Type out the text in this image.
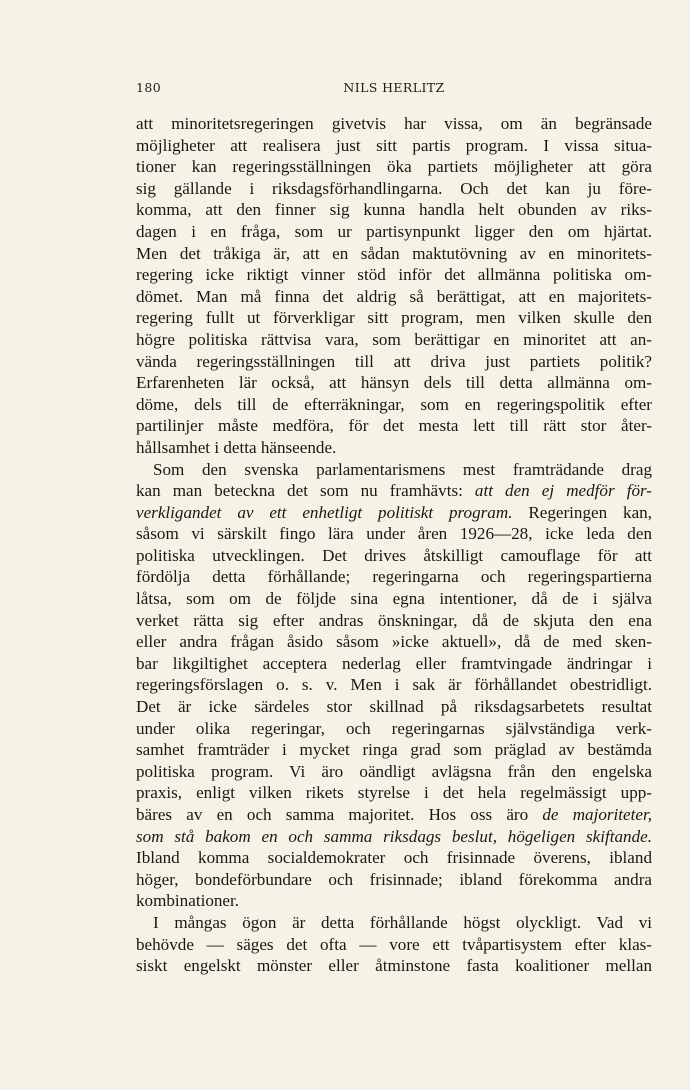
180	NILS HERLITZ
att minoritetsregeringen givetvis har vissa, om än begränsade
möjligheter att realisera just sitt partis program. I vissa situa-
tioner kan regeringsställningen öka partiets möjligheter att göra
sig gällande i riksdagsförhandlingarna. Och det kan ju före-
komma, att den finner sig kunna handla helt obunden av riks-
dagen i en fråga, som ur partisynpunkt ligger den om hjärtat.
Men det tråkiga är, att en sådan maktutövning av en minoritets-
regering icke riktigt vinner stöd inför det allmänna politiska om-
dömet. Man må finna det aldrig så berättigat, att en majoritets-
regering fullt ut förverkligar sitt program, men vilken skulle den
högre politiska rättvisa vara, som berättigar en minoritet att an-
vända regeringsställningen till att driva just partiets politik?
Erfarenheten lär också, att hänsyn dels till detta allmänna om-
döme, dels till de efterräkningar, som en regeringspolitik efter
partilinjer måste medföra, för det mesta lett till rätt stor åter-
hållsamhet i detta hänseende.
Som den svenska parlamentarismens mest framträdande drag
kan man beteckna det som nu framhävts: att den ej medför för-
verkligandet av ett enhetligt politiskt program. Regeringen kan,
såsom vi särskilt fingo lära under åren 1926—28, icke leda den
politiska utvecklingen. Det drives åtskilligt camouflage för att
fördölja detta förhållande; regeringarna och regeringspartierna
låtsa, som om de följde sina egna intentioner, då de i själva
verket rätta sig efter andras önskningar, då de skjuta den ena
eller andra frågan åsido såsom »icke aktuell», då de med sken-
bar likgiltighet acceptera nederlag eller framtvingade ändringar i
regeringsförslagen o. s. v. Men i sak är förhållandet obestridligt.
Det är icke särdeles stor skillnad på riksdagsarbetets resultat
under olika regeringar, och regeringarnas självständiga verk-
samhet framträder i mycket ringa grad som präglad av bestämda
politiska program. Vi äro oändligt avlägsna från den engelska
praxis, enligt vilken rikets styrelse i det hela regelmässigt upp-
bäres av en och samma majoritet. Hos oss äro de majoriteter,
som stå bakom en och samma riksdags beslut, högeligen skiftande.
Ibland komma socialdemokrater och frisinnade överens, ibland
höger, bondeförbundare och frisinnade; ibland förekomma andra
kombinationer.
I mångas ögon är detta förhållande högst olyckligt. Vad vi
behövde — säges det ofta — vore ett tvåpartisystem efter klas-
siskt engelskt mönster eller åtminstone fasta koalitioner mellan
